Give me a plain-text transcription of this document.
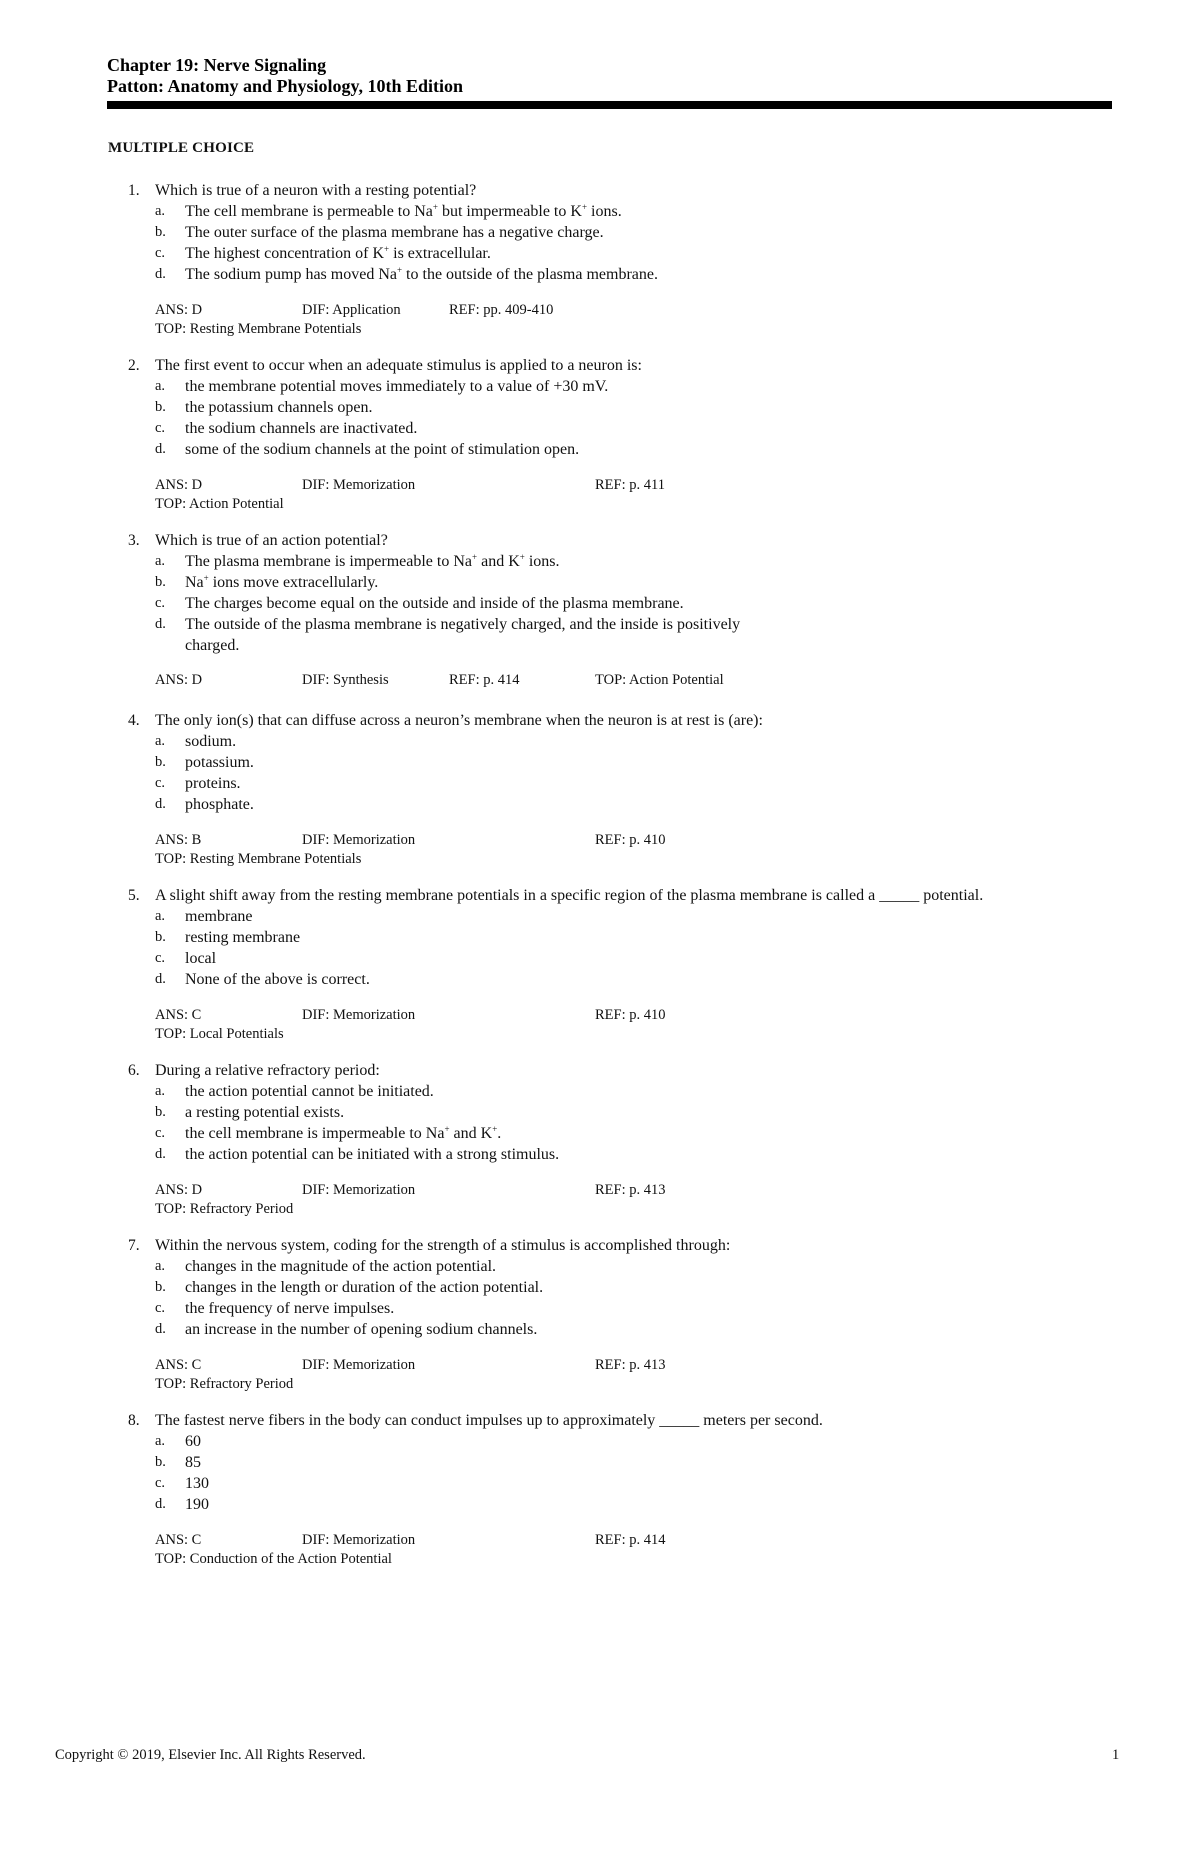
Chapter 19: Nerve Signaling
Patton: Anatomy and Physiology, 10th Edition
MULTIPLE CHOICE
1. Which is true of a neuron with a resting potential?
a. The cell membrane is permeable to Na+ but impermeable to K+ ions.
b. The outer surface of the plasma membrane has a negative charge.
c. The highest concentration of K+ is extracellular.
d. The sodium pump has moved Na+ to the outside of the plasma membrane.
ANS: D	DIF: Application	REF: pp. 409-410
TOP: Resting Membrane Potentials
2. The first event to occur when an adequate stimulus is applied to a neuron is:
a. the membrane potential moves immediately to a value of +30 mV.
b. the potassium channels open.
c. the sodium channels are inactivated.
d. some of the sodium channels at the point of stimulation open.
ANS: D	DIF: Memorization	REF: p. 411
TOP: Action Potential
3. Which is true of an action potential?
a. The plasma membrane is impermeable to Na+ and K+ ions.
b. Na+ ions move extracellularly.
c. The charges become equal on the outside and inside of the plasma membrane.
d. The outside of the plasma membrane is negatively charged, and the inside is positively charged.
ANS: D	DIF: Synthesis	REF: p. 414	TOP: Action Potential
4. The only ion(s) that can diffuse across a neuron’s membrane when the neuron is at rest is (are):
a. sodium.
b. potassium.
c. proteins.
d. phosphate.
ANS: B	DIF: Memorization	REF: p. 410
TOP: Resting Membrane Potentials
5. A slight shift away from the resting membrane potentials in a specific region of the plasma membrane is called a _____ potential.
a. membrane
b. resting membrane
c. local
d. None of the above is correct.
ANS: C	DIF: Memorization	REF: p. 410
TOP: Local Potentials
6. During a relative refractory period:
a. the action potential cannot be initiated.
b. a resting potential exists.
c. the cell membrane is impermeable to Na+ and K+.
d. the action potential can be initiated with a strong stimulus.
ANS: D	DIF: Memorization	REF: p. 413
TOP: Refractory Period
7. Within the nervous system, coding for the strength of a stimulus is accomplished through:
a. changes in the magnitude of the action potential.
b. changes in the length or duration of the action potential.
c. the frequency of nerve impulses.
d. an increase in the number of opening sodium channels.
ANS: C	DIF: Memorization	REF: p. 413
TOP: Refractory Period
8. The fastest nerve fibers in the body can conduct impulses up to approximately _____ meters per second.
a. 60
b. 85
c. 130
d. 190
ANS: C	DIF: Memorization	REF: p. 414
TOP: Conduction of the Action Potential
Copyright © 2019, Elsevier Inc. All Rights Reserved.	1
